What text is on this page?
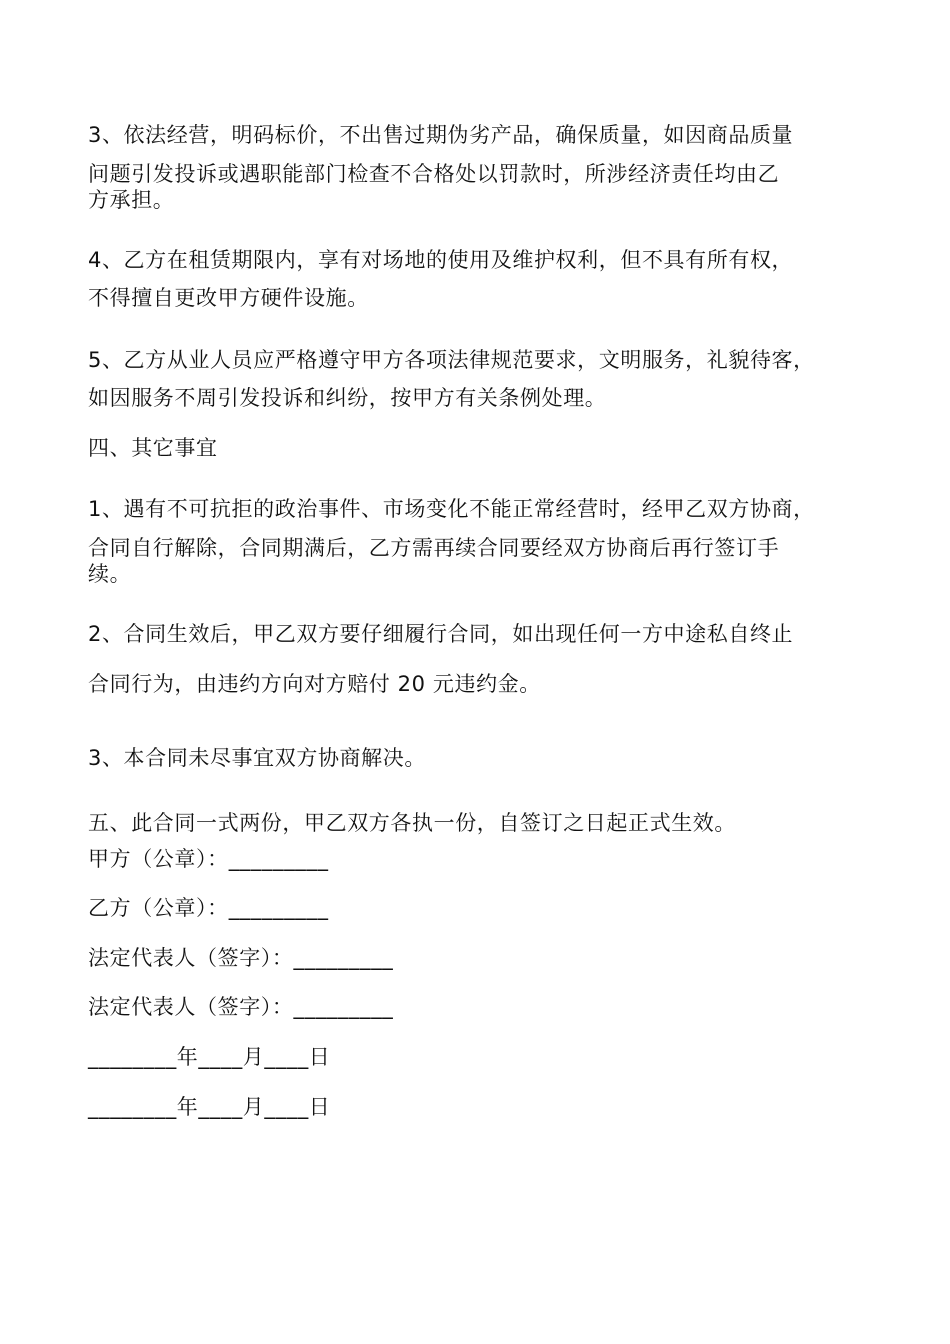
3、依法经营，明码标价，不出售过期伪劣产品，确保质量，如因商品质量
问题引发投诉或遇职能部门检查不合格处以罚款时，所涉经济责任均由乙
方承担。
4、乙方在租赁期限内，享有对场地的使用及维护权利，但不具有所有权，
不得擅自更改甲方硬件设施。
5、乙方从业人员应严格遵守甲方各项法律规范要求，文明服务，礼貌待客，
如因服务不周引发投诉和纠纷，按甲方有关条例处理。
四、其它事宜
1、遇有不可抗拒的政治事件、市场变化不能正常经营时，经甲乙双方协商，
合同自行解除，合同期满后，乙方需再续合同要经双方协商后再行签订手
续。
2、合同生效后，甲乙双方要仔细履行合同，如出现任何一方中途私自终止
合同行为，由违约方向对方赔付 20 元违约金。
3、本合同未尽事宜双方协商解决。
五、此合同一式两份，甲乙双方各执一份，自签订之日起正式生效。
甲方（公章）：_________
乙方（公章）：_________
法定代表人（签字）：_________
法定代表人（签字）：_________
________年____月____日
________年____月____日
